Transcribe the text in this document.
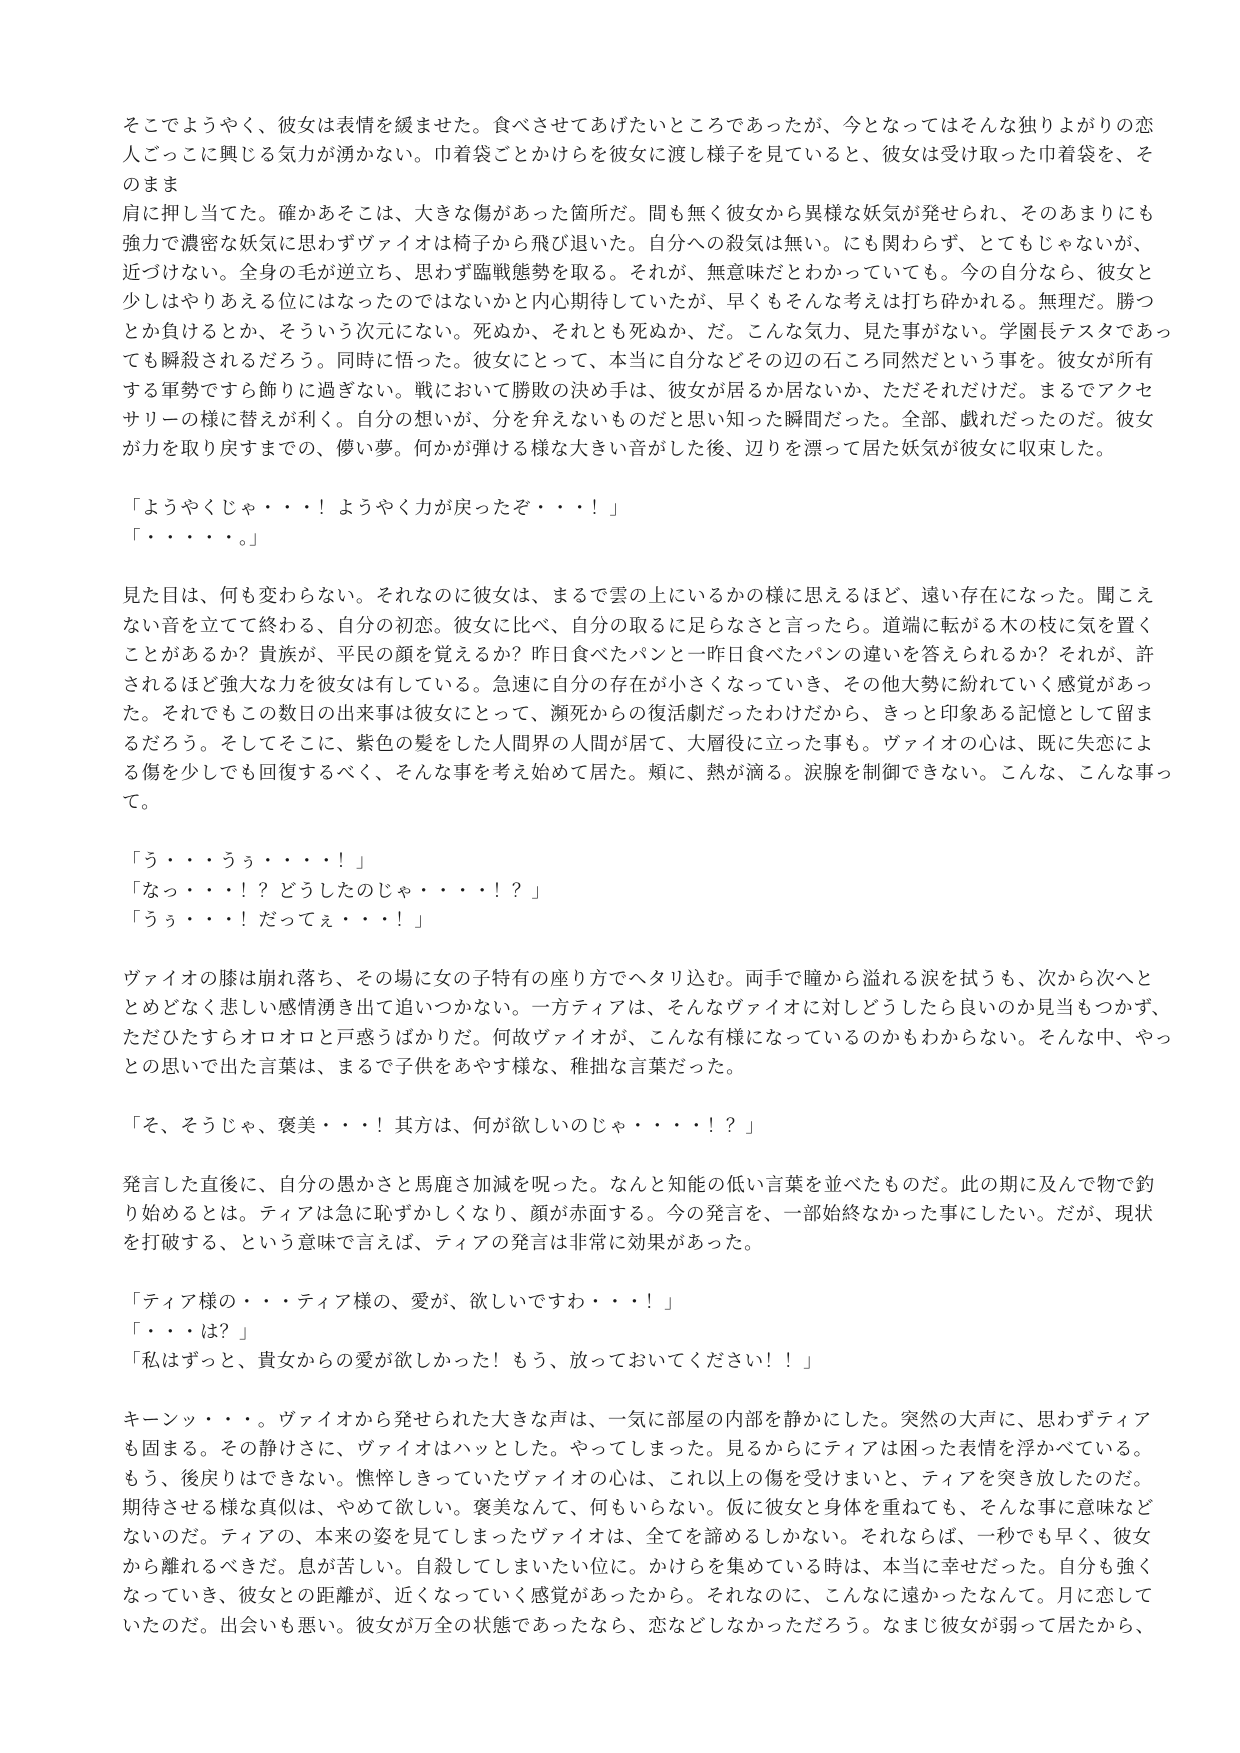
そこでようやく、彼女は表情を緩ませた。食べさせてあげたいところであったが、今となってはそんな独りよがりの恋
人ごっこに興じる気力が湧かない。巾着袋ごとかけらを彼女に渡し様子を見ていると、彼女は受け取った巾着袋を、そ
のまま
肩に押し当てた。確かあそこは、大きな傷があった箇所だ。間も無く彼女から異様な妖気が発せられ、そのあまりにも
強力で濃密な妖気に思わずヴァイオは椅子から飛び退いた。自分への殺気は無い。にも関わらず、とてもじゃないが、
近づけない。全身の毛が逆立ち、思わず臨戦態勢を取る。それが、無意味だとわかっていても。今の自分なら、彼女と
少しはやりあえる位にはなったのではないかと内心期待していたが、早くもそんな考えは打ち砕かれる。無理だ。勝つ
とか負けるとか、そういう次元にない。死ぬか、それとも死ぬか、だ。こんな気力、見た事がない。学園長テスタであっ
ても瞬殺されるだろう。同時に悟った。彼女にとって、本当に自分などその辺の石ころ同然だという事を。彼女が所有
する軍勢ですら飾りに過ぎない。戦において勝敗の決め手は、彼女が居るか居ないか、ただそれだけだ。まるでアクセ
サリーの様に替えが利く。自分の想いが、分を弁えないものだと思い知った瞬間だった。全部、戯れだったのだ。彼女
が力を取り戻すまでの、儚い夢。何かが弾ける様な大きい音がした後、辺りを漂って居た妖気が彼女に収束した。
「ようやくじゃ・・・！ようやく力が戻ったぞ・・・！」
「・・・・・。」
見た目は、何も変わらない。それなのに彼女は、まるで雲の上にいるかの様に思えるほど、遠い存在になった。聞こえ
ない音を立てて終わる、自分の初恋。彼女に比べ、自分の取るに足らなさと言ったら。道端に転がる木の枝に気を置く
ことがあるか？貴族が、平民の顔を覚えるか？昨日食べたパンと一昨日食べたパンの違いを答えられるか？それが、許
されるほど強大な力を彼女は有している。急速に自分の存在が小さくなっていき、その他大勢に紛れていく感覚があっ
た。それでもこの数日の出来事は彼女にとって、瀕死からの復活劇だったわけだから、きっと印象ある記憶として留ま
るだろう。そしてそこに、紫色の髪をした人間界の人間が居て、大層役に立った事も。ヴァイオの心は、既に失恋によ
る傷を少しでも回復するべく、そんな事を考え始めて居た。頬に、熱が滴る。涙腺を制御できない。こんな、こんな事っ
て。
「う・・・うぅ・・・・！」
「なっ・・・！？どうしたのじゃ・・・・！？」
「うぅ・・・！だってぇ・・・！」
ヴァイオの膝は崩れ落ち、その場に女の子特有の座り方でヘタリ込む。両手で瞳から溢れる涙を拭うも、次から次へと
とめどなく悲しい感情湧き出て追いつかない。一方ティアは、そんなヴァイオに対しどうしたら良いのか見当もつかず、
ただひたすらオロオロと戸惑うばかりだ。何故ヴァイオが、こんな有様になっているのかもわからない。そんな中、やっ
との思いで出た言葉は、まるで子供をあやす様な、稚拙な言葉だった。
「そ、そうじゃ、褒美・・・！其方は、何が欲しいのじゃ・・・・！？」
発言した直後に、自分の愚かさと馬鹿さ加減を呪った。なんと知能の低い言葉を並べたものだ。此の期に及んで物で釣
り始めるとは。ティアは急に恥ずかしくなり、顔が赤面する。今の発言を、一部始終なかった事にしたい。だが、現状
を打破する、という意味で言えば、ティアの発言は非常に効果があった。
「ティア様の・・・ティア様の、愛が、欲しいですわ・・・！」
「・・・は？」
「私はずっと、貴女からの愛が欲しかった！もう、放っておいてください！！」
キーンッ・・・。ヴァイオから発せられた大きな声は、一気に部屋の内部を静かにした。突然の大声に、思わずティア
も固まる。その静けさに、ヴァイオはハッとした。やってしまった。見るからにティアは困った表情を浮かべている。
もう、後戻りはできない。憔悴しきっていたヴァイオの心は、これ以上の傷を受けまいと、ティアを突き放したのだ。
期待させる様な真似は、やめて欲しい。褒美なんて、何もいらない。仮に彼女と身体を重ねても、そんな事に意味など
ないのだ。ティアの、本来の姿を見てしまったヴァイオは、全てを諦めるしかない。それならば、一秒でも早く、彼女
から離れるべきだ。息が苦しい。自殺してしまいたい位に。かけらを集めている時は、本当に幸せだった。自分も強く
なっていき、彼女との距離が、近くなっていく感覚があったから。それなのに、こんなに遠かったなんて。月に恋して
いたのだ。出会いも悪い。彼女が万全の状態であったなら、恋などしなかっただろう。なまじ彼女が弱って居たから、
